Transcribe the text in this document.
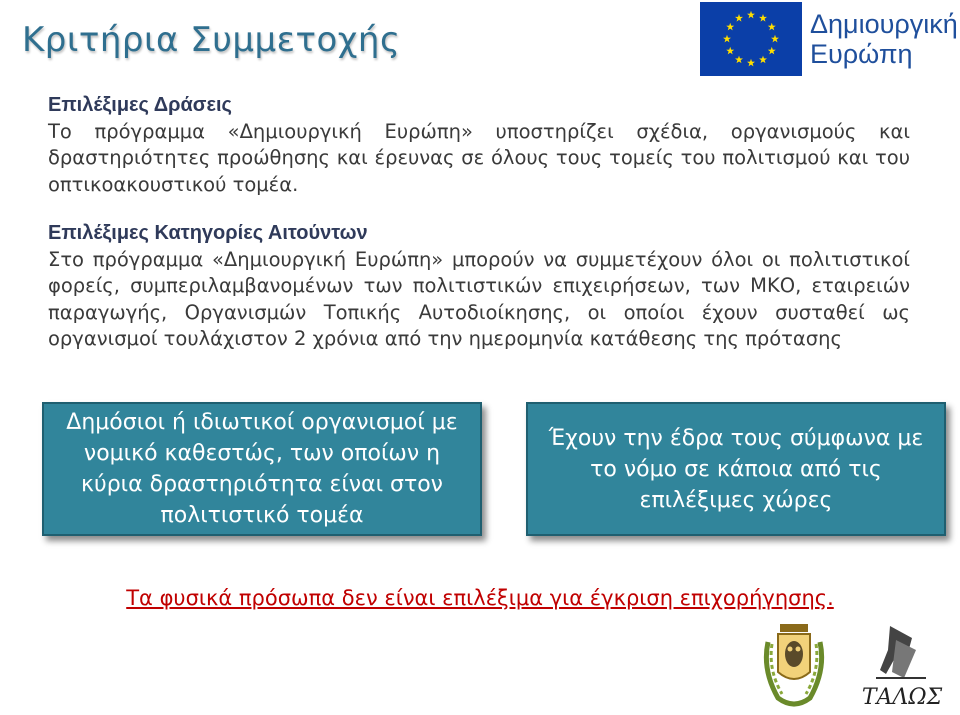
Κριτήρια Συμμετοχής	Δημιουργική
Ευρώπη
Επιλέξιμες Δράσεις
Το πρόγραμμα «Δημιουργική Ευρώπη» υποστηρίζει σχέδια, οργανισμούς και δραστηριότητες προώθησης και έρευνας σε όλους τους τομείς του πολιτισμού και του οπτικοακουστικού τομέα.
Επιλέξιμες Κατηγορίες Αιτούντων
Στο πρόγραμμα «Δημιουργική Ευρώπη» μπορούν να συμμετέχουν όλοι οι πολιτιστικοί φορείς, συμπεριλαμβανομένων των πολιτιστικών επιχειρήσεων, των ΜΚΟ, εταιρειών παραγωγής, Οργανισμών Τοπικής Αυτοδιοίκησης, οι οποίοι έχουν συσταθεί ως οργανισμοί τουλάχιστον 2 χρόνια από την ημερομηνία κατάθεσης της πρότασης
Δημόσιοι ή ιδιωτικοί οργανισμοί με νομικό καθεστώς, των οποίων η κύρια δραστηριότητα είναι στον πολιτιστικό τομέα
Έχουν την έδρα τους σύμφωνα με το νόμο σε κάποια από τις επιλέξιμες χώρες
Τα φυσικά πρόσωπα δεν είναι επιλέξιμα για έγκριση επιχορήγησης.
ΤΑΛΩΣ
